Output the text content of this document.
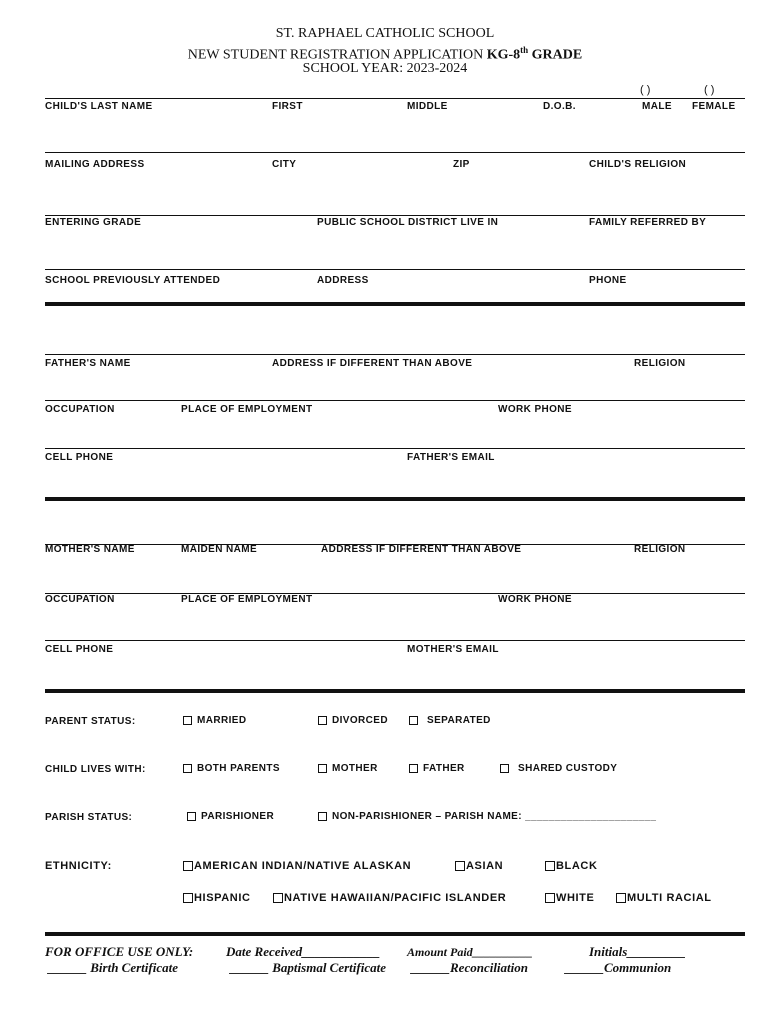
ST. RAPHAEL CATHOLIC SCHOOL
NEW STUDENT REGISTRATION APPLICATION KG-8th GRADE
SCHOOL YEAR: 2023-2024
( )	( )
CHILD'S LAST NAME	FIRST	MIDDLE	D.O.B.	MALE FEMALE
MAILING ADDRESS	CITY	ZIP	CHILD'S RELIGION
ENTERING GRADE	PUBLIC SCHOOL DISTRICT LIVE IN	FAMILY REFERRED BY
SCHOOL PREVIOUSLY ATTENDED	ADDRESS	PHONE
FATHER'S NAME	ADDRESS IF DIFFERENT THAN ABOVE	RELIGION
OCCUPATION	PLACE OF EMPLOYMENT	WORK PHONE
CELL PHONE	FATHER'S EMAIL
MOTHER'S NAME	MAIDEN NAME	ADDRESS IF DIFFERENT THAN ABOVE	RELIGION
OCCUPATION	PLACE OF EMPLOYMENT	WORK PHONE
CELL PHONE	MOTHER'S EMAIL
PARENT STATUS:	MARRIED	DIVORCED	SEPARATED
CHILD LIVES WITH:	BOTH PARENTS	MOTHER	FATHER	SHARED CUSTODY
PARISH STATUS:	PARISHIONER	NON-PARISHIONER – PARISH NAME: ______________________
ETHNICITY:	AMERICAN INDIAN/NATIVE ALASKAN	ASIAN	BLACK
HISPANIC	NATIVE HAWAIIAN/PACIFIC ISLANDER	WHITE	MULTI RACIAL
FOR OFFICE USE ONLY:	Date Received____________ Amount Paid__________	Initials_________
______ Birth Certificate	______ Baptismal Certificate ______Reconciliation	______Communion
